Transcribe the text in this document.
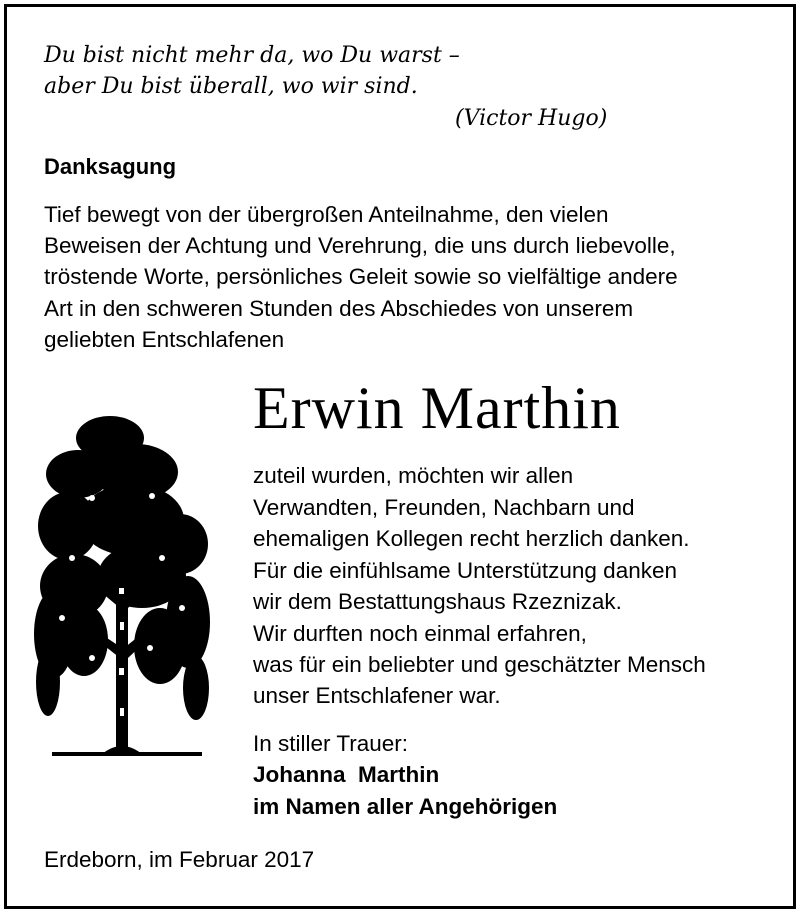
Du bist nicht mehr da, wo Du warst –
aber Du bist überall, wo wir sind.
(Victor Hugo)
Danksagung
Tief bewegt von der übergroßen Anteilnahme, den vielen
Beweisen der Achtung und Verehrung, die uns durch liebevolle,
tröstende Worte, persönliches Geleit sowie so vielfältige andere
Art in den schweren Stunden des Abschiedes von unserem
geliebten Entschlafenen
Erwin Marthin
zuteil wurden, möchten wir allen
Verwandten, Freunden, Nachbarn und
ehemaligen Kollegen recht herzlich danken.
Für die einfühlsame Unterstützung danken
wir dem Bestattungshaus Rzeznizak.
Wir durften noch einmal erfahren,
was für ein beliebter und geschätzter Mensch
unser Entschlafener war.
In stiller Trauer:
Johanna  Marthin
im Namen aller Angehörigen
Erdeborn, im Februar 2017
